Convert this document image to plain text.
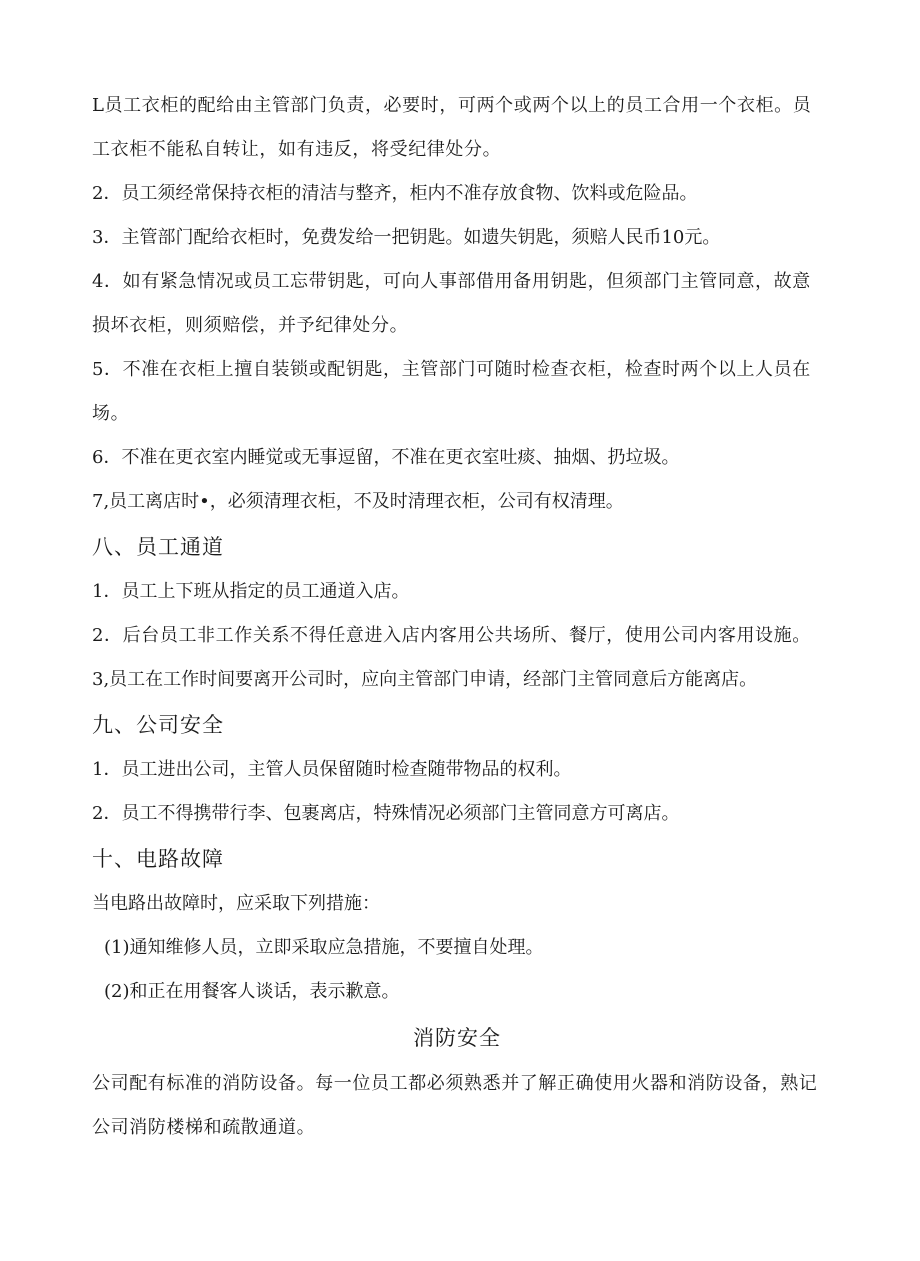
L员工衣柜的配给由主管部门负责，必要时，可两个或两个以上的员工合用一个衣柜。员工衣柜不能私自转让，如有违反，将受纪律处分。

2．员工须经常保持衣柜的清洁与整齐，柜内不准存放食物、饮料或危险品。

3．主管部门配给衣柜时，免费发给一把钥匙。如遗失钥匙，须赔人民币10元。

4．如有紧急情况或员工忘带钥匙，可向人事部借用备用钥匙，但须部门主管同意，故意损坏衣柜，则须赔偿，并予纪律处分。

5．不准在衣柜上擅自装锁或配钥匙，主管部门可随时检查衣柜，检查时两个以上人员在场。

6．不准在更衣室内睡觉或无事逗留，不准在更衣室吐痰、抽烟、扔垃圾。

7,员工离店时•，必须清理衣柜，不及时清理衣柜，公司有权清理。

八、员工通道

1．员工上下班从指定的员工通道入店。

2．后台员工非工作关系不得任意进入店内客用公共场所、餐厅，使用公司内客用设施。

3,员工在工作时间要离开公司时，应向主管部门申请，经部门主管同意后方能离店。

九、公司安全

1．员工进出公司，主管人员保留随时检查随带物品的权利。

2．员工不得携带行李、包裹离店，特殊情况必须部门主管同意方可离店。

十、电路故障

当电路出故障时，应采取下列措施：

(1)通知维修人员，立即采取应急措施，不要擅自处理。

(2)和正在用餐客人谈话，表示歉意。

消防安全

公司配有标准的消防设备。每一位员工都必须熟悉并了解正确使用火器和消防设备，熟记公司消防楼梯和疏散通道。
